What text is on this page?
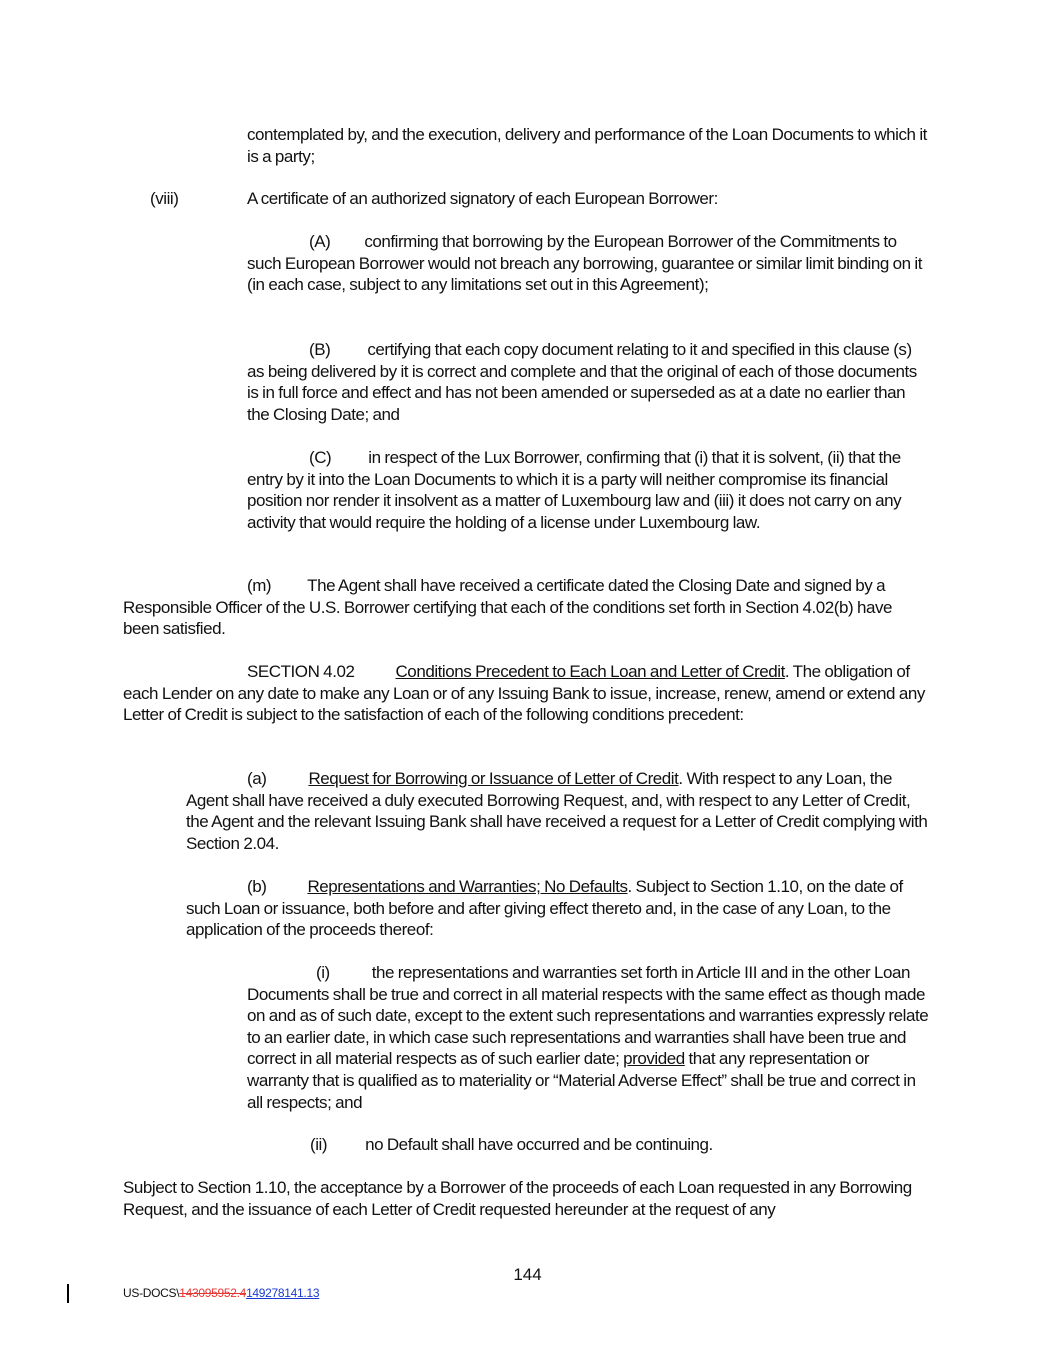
contemplated by, and the execution, delivery and performance of the Loan Documents to which it is a party;

(viii)	A certificate of an authorized signatory of each European Borrower:

(A) confirming that borrowing by the European Borrower of the Commitments to such European Borrower would not breach any borrowing, guarantee or similar limit binding on it (in each case, subject to any limitations set out in this Agreement);

(B) certifying that each copy document relating to it and specified in this clause (s) as being delivered by it is correct and complete and that the original of each of those documents is in full force and effect and has not been amended or superseded as at a date no earlier than the Closing Date; and

(C) in respect of the Lux Borrower, confirming that (i) that it is solvent, (ii) that the entry by it into the Loan Documents to which it is a party will neither compromise its financial position nor render it insolvent as a matter of Luxembourg law and (iii) it does not carry on any activity that would require the holding of a license under Luxembourg law.

(m) The Agent shall have received a certificate dated the Closing Date and signed by a Responsible Officer of the U.S. Borrower certifying that each of the conditions set forth in Section 4.02(b) have been satisfied.

SECTION 4.02 Conditions Precedent to Each Loan and Letter of Credit. The obligation of each Lender on any date to make any Loan or of any Issuing Bank to issue, increase, renew, amend or extend any Letter of Credit is subject to the satisfaction of each of the following conditions precedent:

(a) Request for Borrowing or Issuance of Letter of Credit. With respect to any Loan, the Agent shall have received a duly executed Borrowing Request, and, with respect to any Letter of Credit, the Agent and the relevant Issuing Bank shall have received a request for a Letter of Credit complying with Section 2.04.

(b) Representations and Warranties; No Defaults. Subject to Section 1.10, on the date of such Loan or issuance, both before and after giving effect thereto and, in the case of any Loan, to the application of the proceeds thereof:

(i) the representations and warranties set forth in Article III and in the other Loan Documents shall be true and correct in all material respects with the same effect as though made on and as of such date, except to the extent such representations and warranties expressly relate to an earlier date, in which case such representations and warranties shall have been true and correct in all material respects as of such earlier date; provided that any representation or warranty that is qualified as to materiality or “Material Adverse Effect” shall be true and correct in all respects; and

(ii) no Default shall have occurred and be continuing.

Subject to Section 1.10, the acceptance by a Borrower of the proceeds of each Loan requested in any Borrowing Request, and the issuance of each Letter of Credit requested hereunder at the request of any

144
US-DOCS\143095952.4149278141.13
